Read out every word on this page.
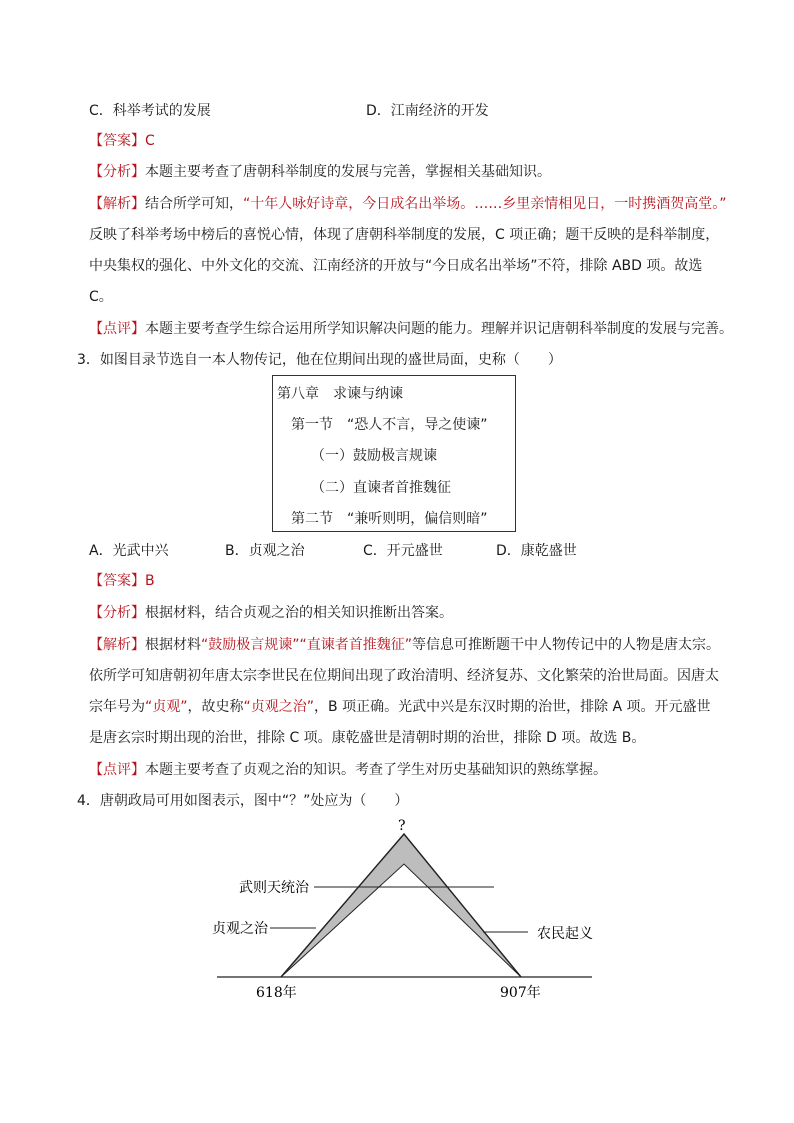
C．科举考试的发展	D．江南经济的开发
【答案】C
【分析】本题主要考查了唐朝科举制度的发展与完善，掌握相关基础知识。
【解析】结合所学可知，“十年人咏好诗章，今日成名出举场。……乡里亲情相见日，一时携酒贺高堂。”
反映了科举考场中榜后的喜悦心情，体现了唐朝科举制度的发展，C 项正确；题干反映的是科举制度，
中央集权的强化、中外文化的交流、江南经济的开放与“今日成名出举场”不符，排除 ABD 项。故选
C。
【点评】本题主要考查学生综合运用所学知识解决问题的能力。理解并识记唐朝科举制度的发展与完善。
3．如图目录节选自一本人物传记，他在位期间出现的盛世局面，史称（　　）
第八章　求谏与纳谏
第一节　“恐人不言，导之使谏”
（一）鼓励极言规谏
（二）直谏者首推魏征
第二节　“兼听则明，偏信则暗”
A．光武中兴	B．贞观之治	C．开元盛世	D．康乾盛世
【答案】B
【分析】根据材料，结合贞观之治的相关知识推断出答案。
【解析】根据材料“鼓励极言规谏”“直谏者首推魏征”等信息可推断题干中人物传记中的人物是唐太宗。
依所学可知唐朝初年唐太宗李世民在位期间出现了政治清明、经济复苏、文化繁荣的治世局面。因唐太
宗年号为“贞观”，故史称“贞观之治”，B 项正确。光武中兴是东汉时期的治世，排除 A 项。开元盛世
是唐玄宗时期出现的治世，排除 C 项。康乾盛世是清朝时期的治世，排除 D 项。故选 B。
【点评】本题主要考查了贞观之治的知识。考查了学生对历史基础知识的熟练掌握。
4．唐朝政局可用如图表示，图中“？”处应为（　　）
?
武则天统治
贞观之治	农民起义
618年	907年
